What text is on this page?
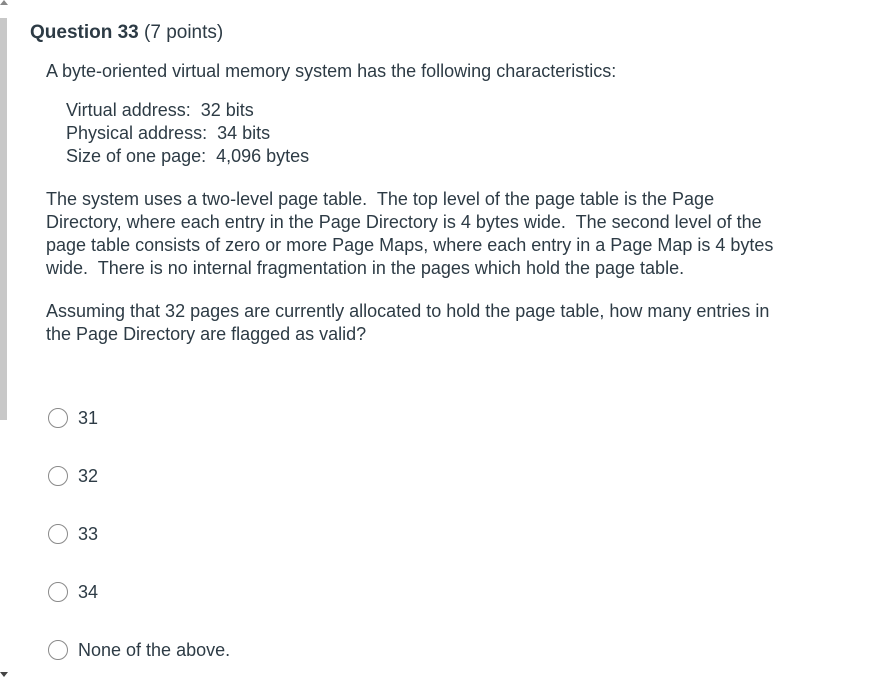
Question 33 (7 points)

A byte-oriented virtual memory system has the following characteristics:

Virtual address:  32 bits
Physical address:  34 bits
Size of one page:  4,096 bytes

The system uses a two-level page table.  The top level of the page table is the Page Directory, where each entry in the Page Directory is 4 bytes wide.  The second level of the page table consists of zero or more Page Maps, where each entry in a Page Map is 4 bytes wide.  There is no internal fragmentation in the pages which hold the page table.

Assuming that 32 pages are currently allocated to hold the page table, how many entries in the Page Directory are flagged as valid?

31
32
33
34
None of the above.
